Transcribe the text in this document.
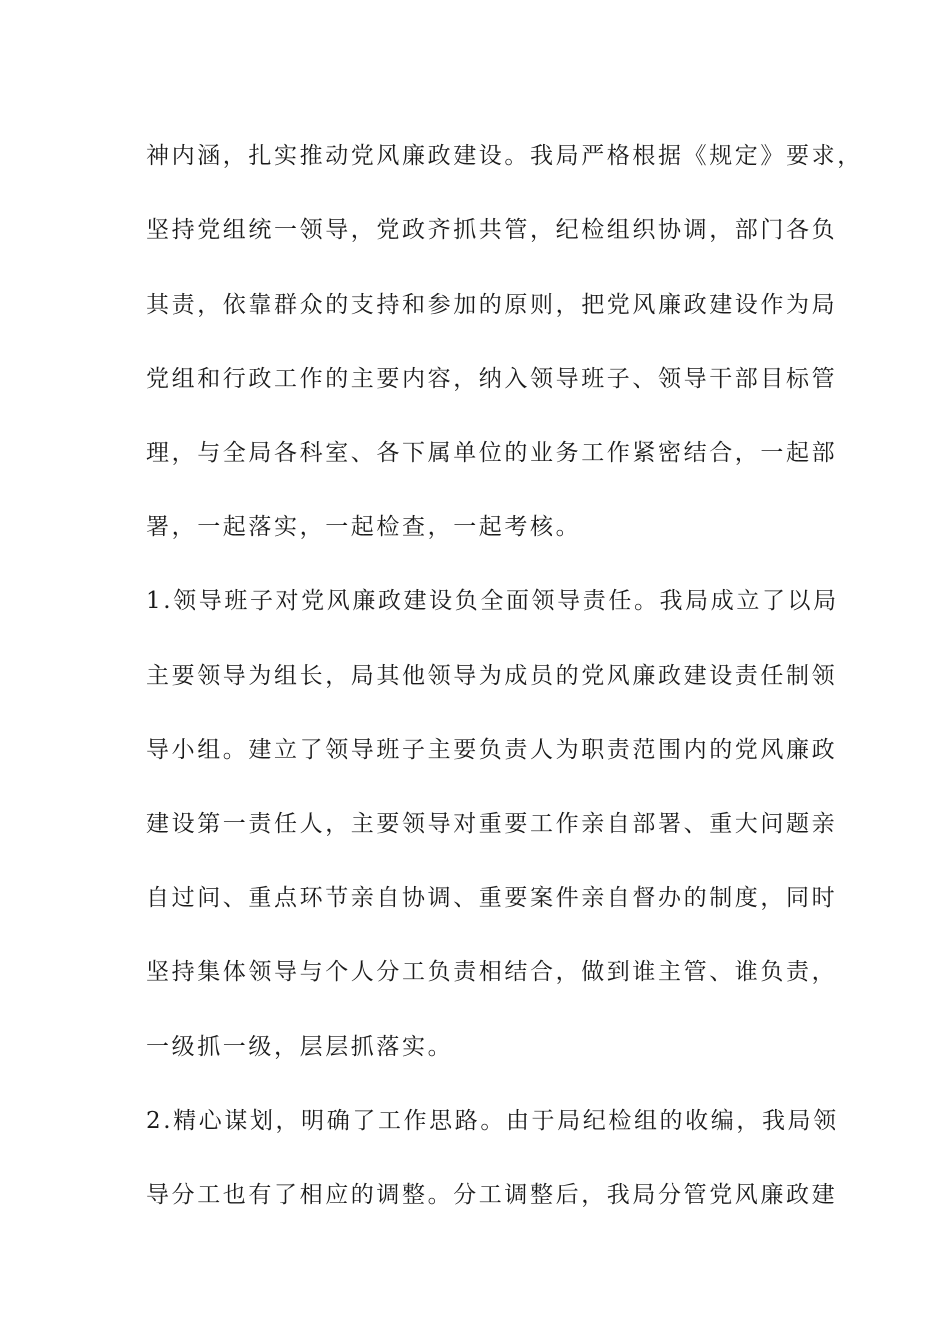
神内涵，扎实推动党风廉政建设。我局严格根据《规定》要求，
坚持党组统一领导，党政齐抓共管，纪检组织协调，部门各负
其责，依靠群众的支持和参加的原则，把党风廉政建设作为局
党组和行政工作的主要内容，纳入领导班子、领导干部目标管
理，与全局各科室、各下属单位的业务工作紧密结合，一起部
署，一起落实，一起检查，一起考核。
1.领导班子对党风廉政建设负全面领导责任。我局成立了以局
主要领导为组长，局其他领导为成员的党风廉政建设责任制领
导小组。建立了领导班子主要负责人为职责范围内的党风廉政
建设第一责任人，主要领导对重要工作亲自部署、重大问题亲
自过问、重点环节亲自协调、重要案件亲自督办的制度，同时
坚持集体领导与个人分工负责相结合，做到谁主管、谁负责，
一级抓一级，层层抓落实。
2.精心谋划，明确了工作思路。由于局纪检组的收编，我局领
导分工也有了相应的调整。分工调整后，我局分管党风廉政建
